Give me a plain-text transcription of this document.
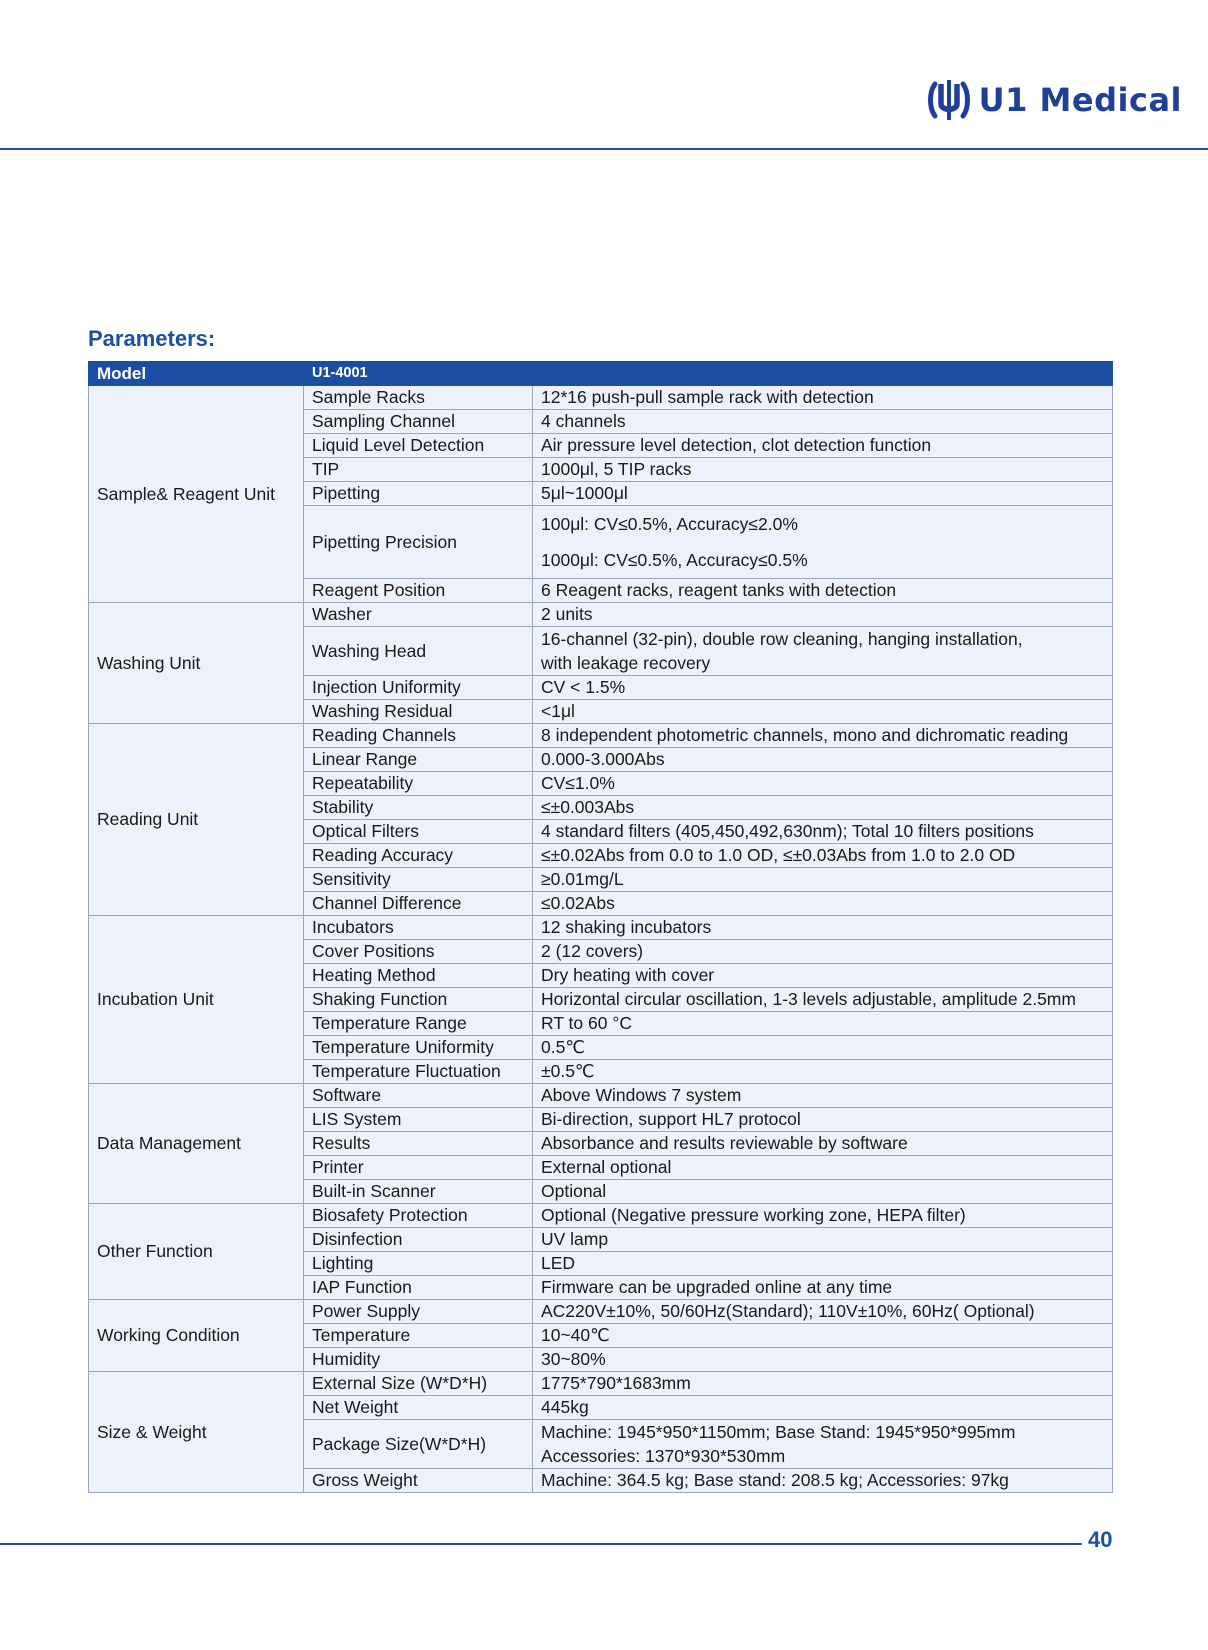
U1 Medical
Parameters:
Model	U1-4001	
Sample& Reagent Unit	Sample Racks	12*16 push-pull sample rack with detection

	Sampling Channel	4 channels

	Liquid Level Detection	Air pressure level detection, clot detection function

	TIP	1000μl, 5 TIP racks

	Pipetting	5μl~1000μl

	Pipetting Precision	100μl: CV≤0.5%, Accuracy≤2.0%
1000μl: CV≤0.5%, Accuracy≤0.5%

	Reagent Position	6 Reagent racks, reagent tanks with detection

Washing Unit	Washer	2 units

	Washing Head	16-channel (32-pin), double row cleaning, hanging installation,
with leakage recovery

	Injection Uniformity	CV < 1.5%

	Washing Residual	<1μl

Reading Unit	Reading Channels	8 independent photometric channels, mono and dichromatic reading

	Linear Range	0.000-3.000Abs

	Repeatability	CV≤1.0%

	Stability	≤±0.003Abs

	Optical Filters	4 standard filters (405,450,492,630nm); Total 10 filters positions

	Reading Accuracy	≤±0.02Abs from 0.0 to 1.0 OD, ≤±0.03Abs from 1.0 to 2.0 OD

	Sensitivity	≥0.01mg/L

	Channel Difference	≤0.02Abs

Incubation Unit	Incubators	12 shaking incubators

	Cover Positions	2 (12 covers)

	Heating Method	Dry heating with cover

	Shaking Function	Horizontal circular oscillation, 1-3 levels adjustable, amplitude 2.5mm

	Temperature Range	RT to 60 °C

	Temperature Uniformity	0.5℃

	Temperature Fluctuation	±0.5℃

Data Management	Software	Above Windows 7 system

	LIS System	Bi-direction, support HL7 protocol

	Results	Absorbance and results reviewable by software

	Printer	External optional

	Built-in Scanner	Optional

Other Function	Biosafety Protection	Optional (Negative pressure working zone, HEPA filter)

	Disinfection	UV lamp

	Lighting	LED

	IAP Function	Firmware can be upgraded online at any time

Working Condition	Power Supply	AC220V±10%, 50/60Hz(Standard); 110V±10%, 60Hz( Optional)

	Temperature	10~40℃

	Humidity	30~80%

Size & Weight	External Size (W*D*H)	1775*790*1683mm

	Net Weight	445kg

	Package Size(W*D*H)	Machine: 1945*950*1150mm; Base Stand: 1945*950*995mm
Accessories: 1370*930*530mm

	Gross Weight	Machine: 364.5 kg; Base stand: 208.5 kg; Accessories: 97kg
40
